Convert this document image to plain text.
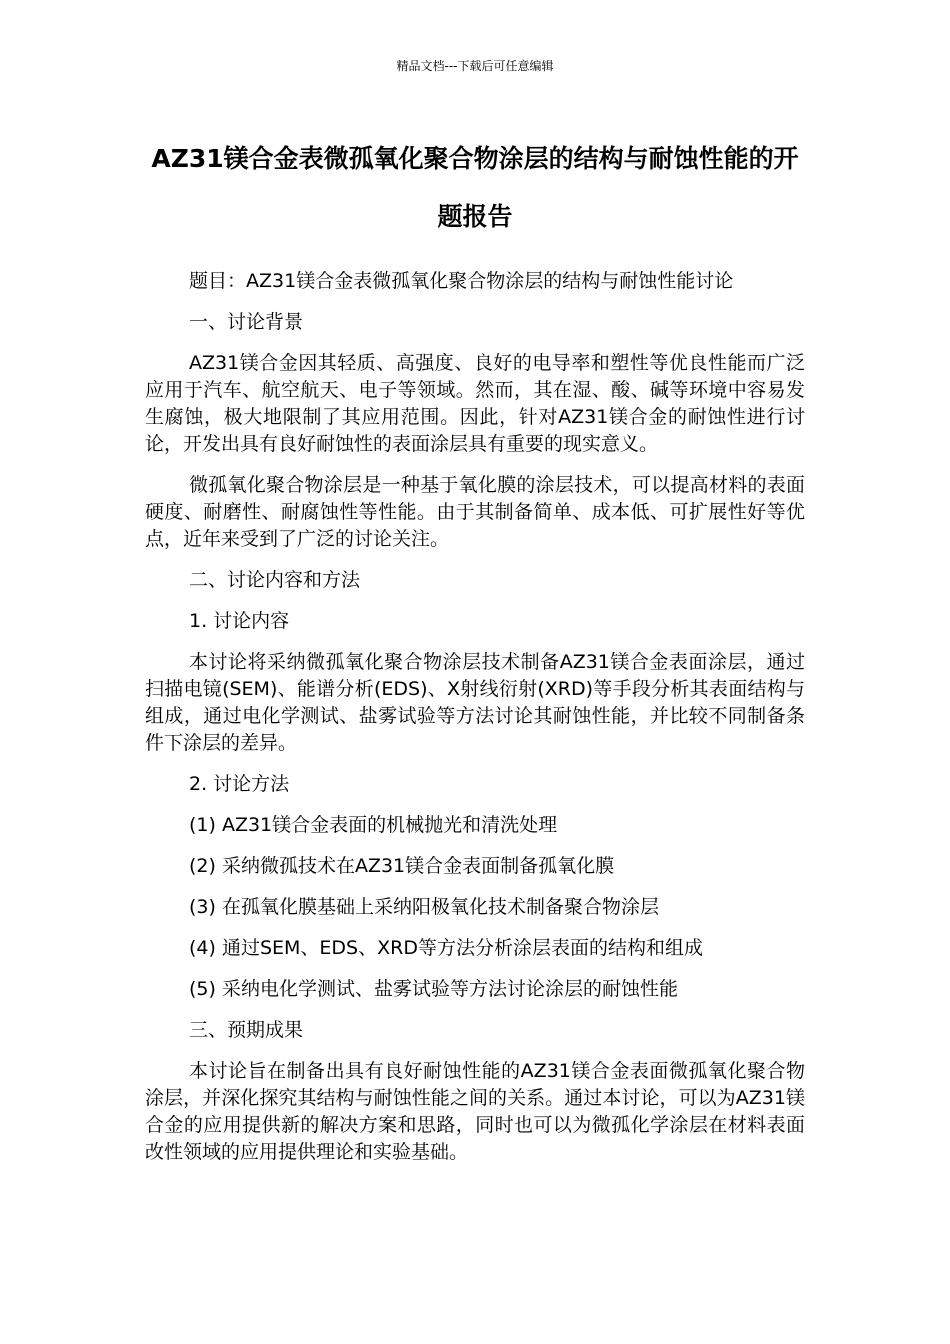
精品文档---下载后可任意编辑
AZ31镁合金表微孤氧化聚合物涂层的结构与耐蚀性能的开题报告

题目：AZ31镁合金表微孤氧化聚合物涂层的结构与耐蚀性能讨论

一、讨论背景

AZ31镁合金因其轻质、高强度、良好的电导率和塑性等优良性能而广泛应用于汽车、航空航天、电子等领域。然而，其在湿、酸、碱等环境中容易发生腐蚀，极大地限制了其应用范围。因此，针对AZ31镁合金的耐蚀性进行讨论，开发出具有良好耐蚀性的表面涂层具有重要的现实意义。

微孤氧化聚合物涂层是一种基于氧化膜的涂层技术，可以提高材料的表面硬度、耐磨性、耐腐蚀性等性能。由于其制备简单、成本低、可扩展性好等优点，近年来受到了广泛的讨论关注。

二、讨论内容和方法

1. 讨论内容

本讨论将采纳微孤氧化聚合物涂层技术制备AZ31镁合金表面涂层，通过扫描电镜(SEM)、能谱分析(EDS)、X射线衍射(XRD)等手段分析其表面结构与组成，通过电化学测试、盐雾试验等方法讨论其耐蚀性能，并比较不同制备条件下涂层的差异。

2. 讨论方法

(1) AZ31镁合金表面的机械抛光和清洗处理

(2) 采纳微孤技术在AZ31镁合金表面制备孤氧化膜

(3) 在孤氧化膜基础上采纳阳极氧化技术制备聚合物涂层

(4) 通过SEM、EDS、XRD等方法分析涂层表面的结构和组成

(5) 采纳电化学测试、盐雾试验等方法讨论涂层的耐蚀性能

三、预期成果

本讨论旨在制备出具有良好耐蚀性能的AZ31镁合金表面微孤氧化聚合物涂层，并深化探究其结构与耐蚀性能之间的关系。通过本讨论，可以为AZ31镁合金的应用提供新的解决方案和思路，同时也可以为微孤化学涂层在材料表面改性领域的应用提供理论和实验基础。
